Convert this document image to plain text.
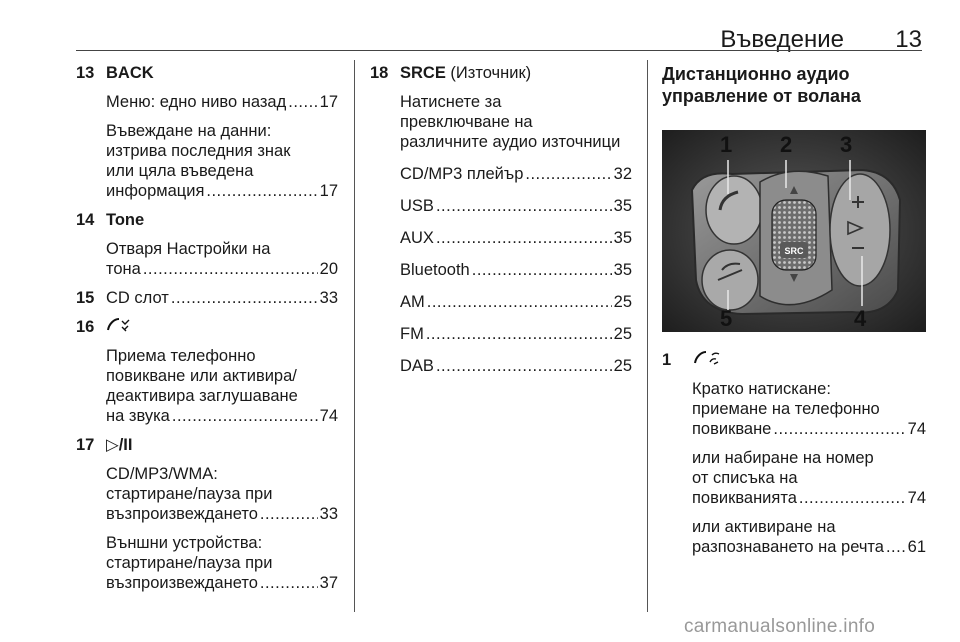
Въведение 13
13 BACK
Меню: едно ниво назад ..... 17
Въвеждане на данни:
изтрива последния знак
или цяла въведена
информация .....	17
14 Tone
Отваря Настройки на
тона .....	20
15 CD слот .....	33
16
Приема телефонно
повикване или активира/
деактивира заглушаване
на звука .....	74
17 ▷/II
CD/MP3/WMA:
стартиране/пауза при
възпроизвеждането .....	33
Външни устройства:
стартиране/пауза при
възпроизвеждането .....	37
18 SRCE (Източник)
Натиснете за
превключване на
различните аудио източници
CD/MP3 плейър .....	32
USB .....	35
AUX .....	35
Bluetooth .....	35
AM .....	25
FM .....	25
DAB .....	25
Дистанционно аудио
управление от волана
SRC
1 2 3
4
5
1
Кратко натискане:
приемане на телефонно
повикване .....	74
или набиране на номер
от списъка на
повикванията .....	74
или активиране на
разпознаването на речта ..... 61
carmanualsonline.info
